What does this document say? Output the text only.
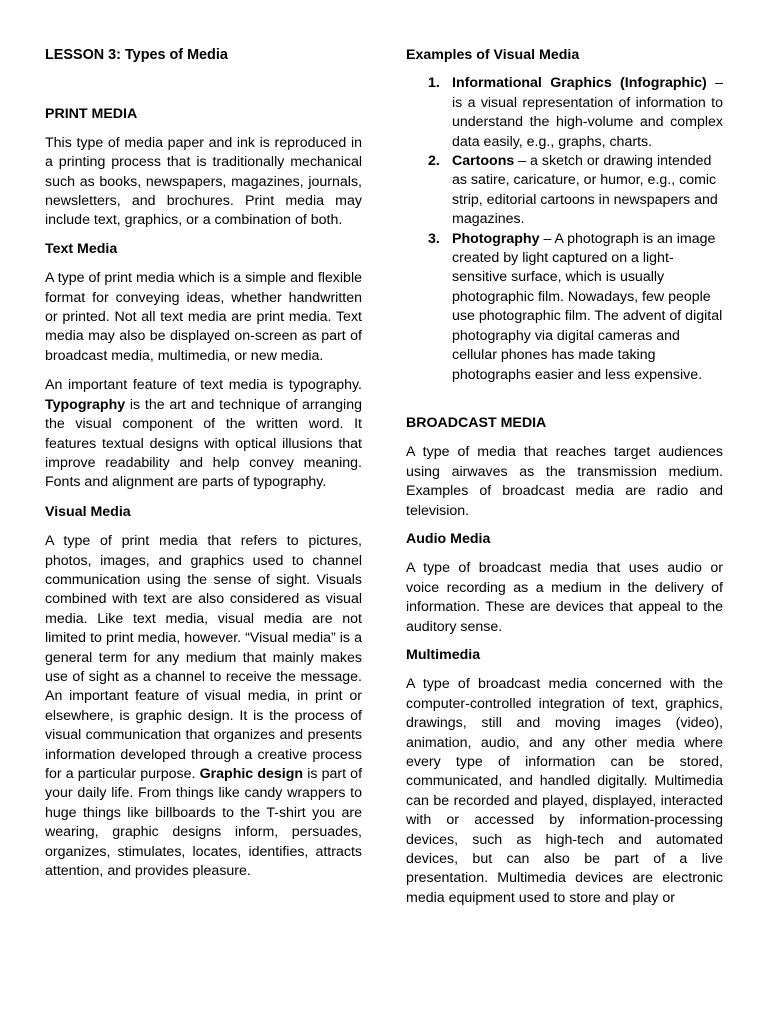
LESSON 3: Types of Media
PRINT MEDIA

This type of media paper and ink is reproduced in a printing process that is traditionally mechanical such as books, newspapers, magazines, journals, newsletters, and brochures. Print media may include text, graphics, or a combination of both.

Text Media

A type of print media which is a simple and flexible format for conveying ideas, whether handwritten or printed. Not all text media are print media. Text media may also be displayed on-screen as part of broadcast media, multimedia, or new media.

An important feature of text media is typography. Typography is the art and technique of arranging the visual component of the written word. It features textual designs with optical illusions that improve readability and help convey meaning. Fonts and alignment are parts of typography.

Visual Media

A type of print media that refers to pictures, photos, images, and graphics used to channel communication using the sense of sight. Visuals combined with text are also considered as visual media. Like text media, visual media are not limited to print media, however. “Visual media” is a general term for any medium that mainly makes use of sight as a channel to receive the message. An important feature of visual media, in print or elsewhere, is graphic design. It is the process of visual communication that organizes and presents information developed through a creative process for a particular purpose. Graphic design is part of your daily life. From things like candy wrappers to huge things like billboards to the T-shirt you are wearing, graphic designs inform, persuades, organizes, stimulates, locates, identifies, attracts attention, and provides pleasure.

Examples of Visual Media
1. Informational Graphics (Infographic) – is a visual representation of information to understand the high-volume and complex data easily, e.g., graphs, charts.
2. Cartoons – a sketch or drawing intended as satire, caricature, or humor, e.g., comic strip, editorial cartoons in newspapers and magazines.
3. Photography – A photograph is an image created by light captured on a light-sensitive surface, which is usually photographic film. Nowadays, few people use photographic film. The advent of digital photography via digital cameras and cellular phones has made taking photographs easier and less expensive.
BROADCAST MEDIA

A type of media that reaches target audiences using airwaves as the transmission medium. Examples of broadcast media are radio and television.

Audio Media

A type of broadcast media that uses audio or voice recording as a medium in the delivery of information. These are devices that appeal to the auditory sense.

Multimedia

A type of broadcast media concerned with the computer-controlled integration of text, graphics, drawings, still and moving images (video), animation, audio, and any other media where every type of information can be stored, communicated, and handled digitally. Multimedia can be recorded and played, displayed, interacted with or accessed by information-processing devices, such as high-tech and automated devices, but can also be part of a live presentation. Multimedia devices are electronic media equipment used to store and play or
